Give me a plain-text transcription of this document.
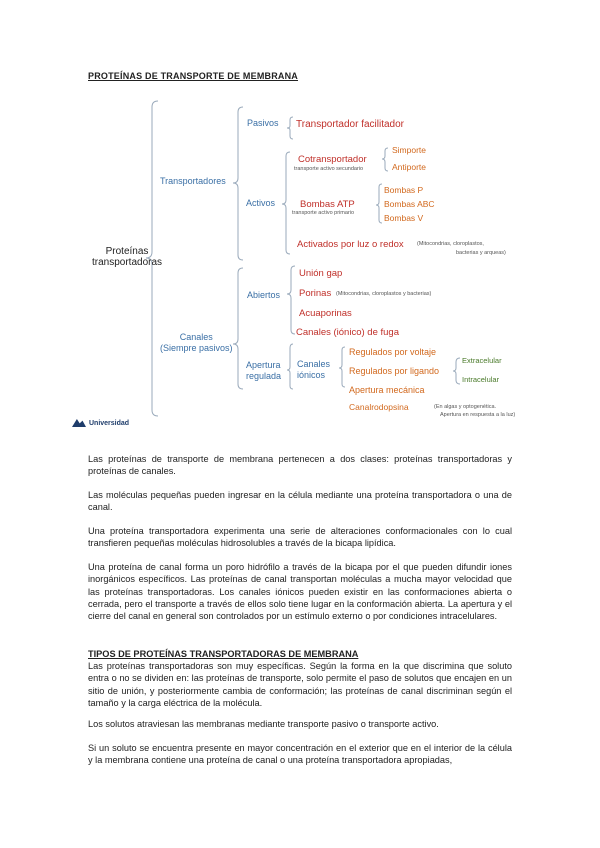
PROTEÍNAS DE TRANSPORTE DE MEMBRANA
Proteínas
transportadoras
Transportadores
Pasivos Transportador facilitador
Activos
Cotransportador
transporte activo secundario
Simporte
Antiporte
Bombas ATP
transporte activo primario
Bombas P
Bombas ABC
Bombas V
Activados por luz o redox (Mitocondrias, cloroplastos,
bacterias y arqueas)
Canales
(Siempre pasivos)
Abiertos
Unión gap
Porinas (Mitocondrias, cloroplastos y bacterias)
Acuaporinas
Canales (iónico) de fuga
Apertura
regulada
Canales
iónicos
Regulados por voltaje
Regulados por ligando
Extracelular
Intracelular
Apertura mecánica
Canalrodopsina	(En algas y optogenética.
Apertura en respuesta a la luz)
Universidad
Las proteínas de transporte de membrana pertenecen a dos clases: proteínas transportadoras y proteínas de canales.
Las moléculas pequeñas pueden ingresar en la célula mediante una proteína transportadora o una de canal.
Una proteína transportadora experimenta una serie de alteraciones conformacionales con lo cual transfieren pequeñas moléculas hidrosolubles a través de la bicapa lipídica.
Una proteína de canal forma un poro hidrófilo a través de la bicapa por el que pueden difundir iones inorgánicos específicos. Las proteínas de canal transportan moléculas a mucha mayor velocidad que las proteínas transportadoras. Los canales iónicos pueden existir en las conformaciones abierta o cerrada, pero el transporte a través de ellos solo tiene lugar en la conformación abierta. La apertura y el cierre del canal en general son controlados por un estímulo externo o por condiciones intracelulares.
TIPOS DE PROTEÍNAS TRANSPORTADORAS DE MEMBRANA
Las proteínas transportadoras son muy específicas. Según la forma en la que discrimina que soluto entra o no se dividen en: las proteínas de transporte, solo permite el paso de solutos que encajen en un sitio de unión, y posteriormente cambia de conformación; las proteínas de canal discriminan según el tamaño y la carga eléctrica de la molécula.
Los solutos atraviesan las membranas mediante transporte pasivo o transporte activo.
Si un soluto se encuentra presente en mayor concentración en el exterior que en el interior de la célula y la membrana contiene una proteína de canal o una proteína transportadora apropiadas,
